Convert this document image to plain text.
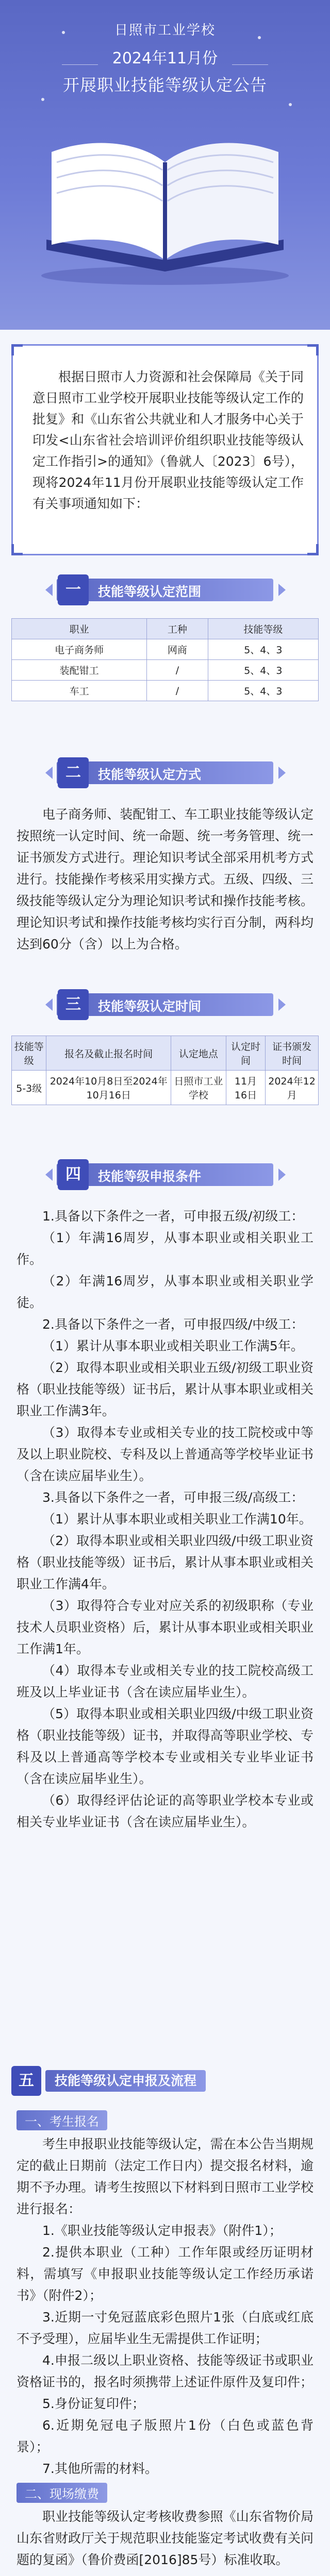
日照市工业学校
2024年11月份
开展职业技能等级认定公告
根据日照市人力资源和社会保障局《关于同意日照市工业学校开展职业技能等级认定工作的批复》和《山东省公共就业和人才服务中心关于印发<山东省社会培训评价组织职业技能等级认定工作指引>的通知》（鲁就人〔2023〕6号），现将2024年11月份开展职业技能等级认定工作有关事项通知如下：
一	技能等级认定范围
职业	工种	技能等级
电子商务师	网商	5、4、3
装配钳工	/	5、4、3
车工	/	5、4、3
二	技能等级认定方式

电子商务师、装配钳工、车工职业技能等级认定按照统一认定时间、统一命题、统一考务管理、统一证书颁发方式进行。理论知识考试全部采用机考方式进行。技能操作考核采用实操方式。五级、四级、三级技能等级认定分为理论知识考试和操作技能考核。理论知识考试和操作技能考核均实行百分制，两科均达到60分（含）以上为合格。

三	技能等级认定时间
技能等级	报名及截止报名时间	认定地点	认定时间	证书颁发时间
5-3级	2024年10月8日至2024年10月16日	日照市工业学校	11月16日	2024年12月
四	技能等级申报条件

1.具备以下条件之一者，可申报五级/初级工：

（1）年满16周岁，从事本职业或相关职业工作。

（2）年满16周岁，从事本职业或相关职业学徒。

2.具备以下条件之一者，可申报四级/中级工：

（1）累计从事本职业或相关职业工作满5年。

（2）取得本职业或相关职业五级/初级工职业资格（职业技能等级）证书后，累计从事本职业或相关职业工作满3年。

（3）取得本专业或相关专业的技工院校或中等及以上职业院校、专科及以上普通高等学校毕业证书（含在读应届毕业生）。

3.具备以下条件之一者，可申报三级/高级工：

（1）累计从事本职业或相关职业工作满10年。

（2）取得本职业或相关职业四级/中级工职业资格（职业技能等级）证书后，累计从事本职业或相关职业工作满4年。

（3）取得符合专业对应关系的初级职称（专业技术人员职业资格）后，累计从事本职业或相关职业工作满1年。

（4）取得本专业或相关专业的技工院校高级工班及以上毕业证书（含在读应届毕业生）。

（5）取得本职业或相关职业四级/中级工职业资格（职业技能等级）证书，并取得高等职业学校、专科及以上普通高等学校本专业或相关专业毕业证书（含在读应届毕业生）。

（6）取得经评估论证的高等职业学校本专业或相关专业毕业证书（含在读应届毕业生）。

五	技能等级认定申报及流程
一、考生报名

考生申报职业技能等级认定，需在本公告当期规定的截止日期前（法定工作日内）提交报名材料，逾期不予办理。请考生按照以下材料到日照市工业学校进行报名：

1.《职业技能等级认定申报表》（附件1）；

2.提供本职业（工种）工作年限或经历证明材料，需填写《申报职业技能等级认定工作经历承诺书》（附件2）；

3.近期一寸免冠蓝底彩色照片1张（白底或红底不予受理），应届毕业生无需提供工作证明；

4.申报二级以上职业资格、技能等级证书或职业资格证书的，报名时须携带上述证件原件及复印件；

5.身份证复印件；

6.近期免冠电子版照片1份（白色或蓝色背景）；

7.其他所需的材料。

二、现场缴费

职业技能等级认定考核收费参照《山东省物价局山东省财政厅关于规范职业技能鉴定考试收费有关问题的复函》（鲁价费函[2016]85号）标准收取。
